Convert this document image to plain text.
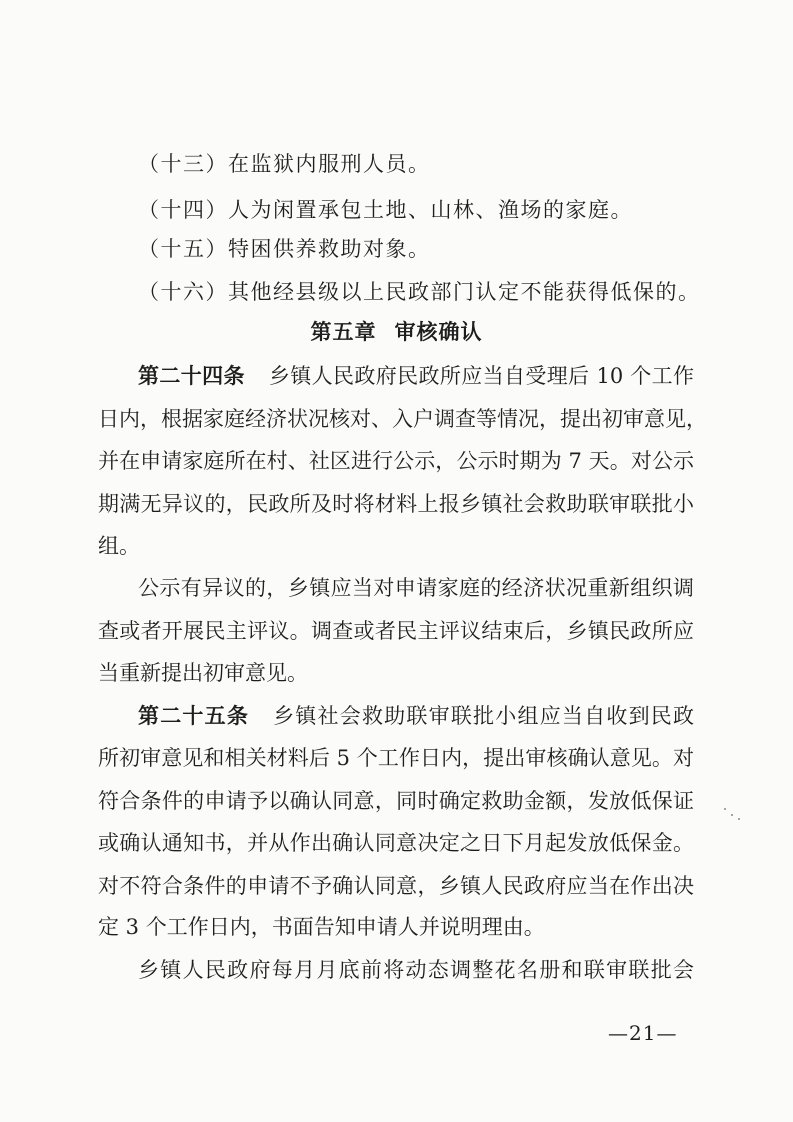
（十三）在监狱内服刑人员。
（十四）人为闲置承包土地、山林、渔场的家庭。
（十五）特困供养救助对象。
（十六）其他经县级以上民政部门认定不能获得低保的。
第五章 审核确认
第二十四条 乡镇人民政府民政所应当自受理后 10 个工作
日内，根据家庭经济状况核对、入户调查等情况，提出初审意见，
并在申请家庭所在村、社区进行公示，公示时期为 7 天。对公示
期满无异议的，民政所及时将材料上报乡镇社会救助联审联批小
组。
公示有异议的，乡镇应当对申请家庭的经济状况重新组织调
查或者开展民主评议。调查或者民主评议结束后，乡镇民政所应
当重新提出初审意见。
第二十五条 乡镇社会救助联审联批小组应当自收到民政
所初审意见和相关材料后 5 个工作日内，提出审核确认意见。对
符合条件的申请予以确认同意，同时确定救助金额，发放低保证
或确认通知书，并从作出确认同意决定之日下月起发放低保金。
对不符合条件的申请不予确认同意，乡镇人民政府应当在作出决
定 3 个工作日内，书面告知申请人并说明理由。
乡镇人民政府每月月底前将动态调整花名册和联审联批会
—21—
